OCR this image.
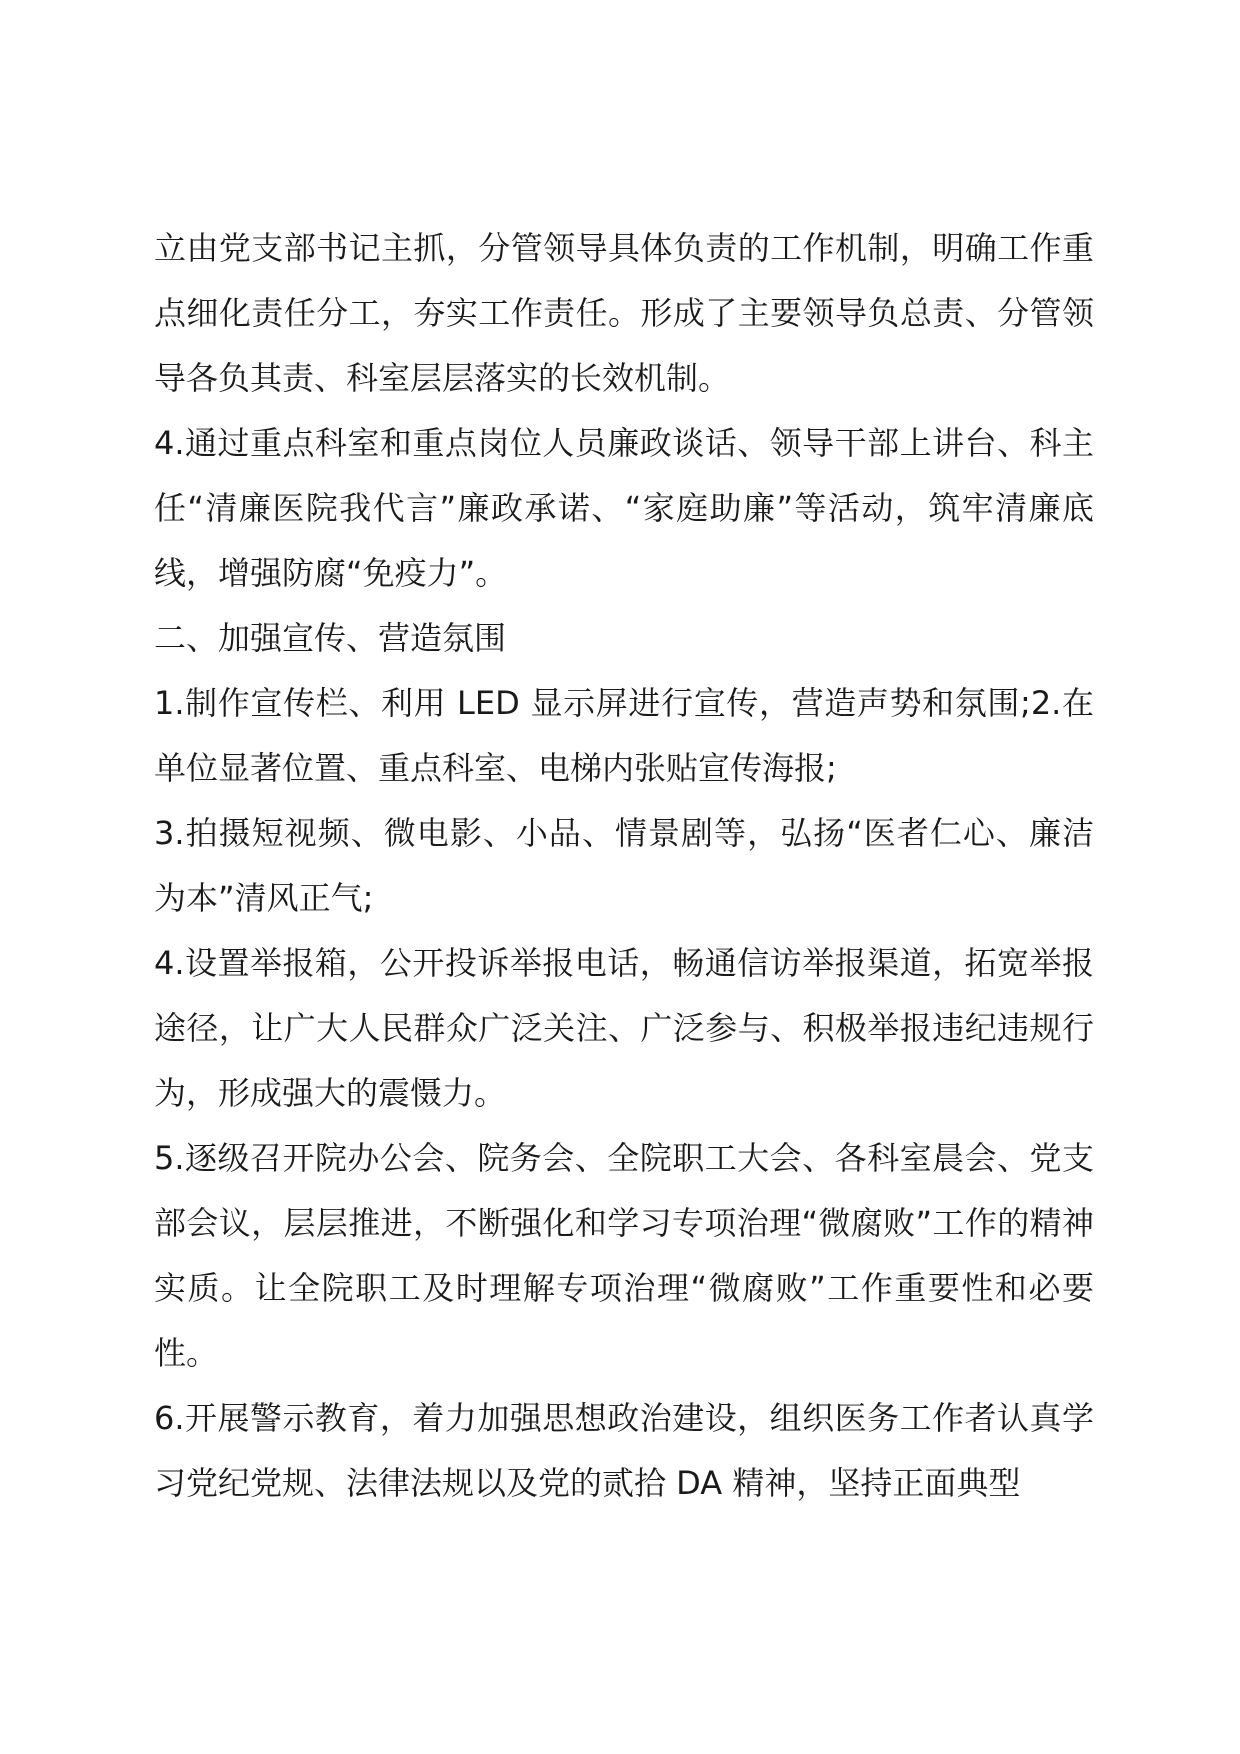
立由党支部书记主抓，分管领导具体负责的工作机制，明确工作重点细化责任分工，夯实工作责任。形成了主要领导负总责、分管领导各负其责、科室层层落实的长效机制。

4.通过重点科室和重点岗位人员廉政谈话、领导干部上讲台、科主任“清廉医院我代言”廉政承诺、“家庭助廉”等活动，筑牢清廉底线，增强防腐“免疫力”。

二、加强宣传、营造氛围

1.制作宣传栏、利用 LED 显示屏进行宣传，营造声势和氛围;2.在单位显著位置、重点科室、电梯内张贴宣传海报;

3.拍摄短视频、微电影、小品、情景剧等，弘扬“医者仁心、廉洁为本”清风正气;

4.设置举报箱，公开投诉举报电话，畅通信访举报渠道，拓宽举报途径，让广大人民群众广泛关注、广泛参与、积极举报违纪违规行为，形成强大的震慑力。

5.逐级召开院办公会、院务会、全院职工大会、各科室晨会、党支部会议，层层推进，不断强化和学习专项治理“微腐败”工作的精神实质。让全院职工及时理解专项治理“微腐败”工作重要性和必要性。

6.开展警示教育，着力加强思想政治建设，组织医务工作者认真学习党纪党规、法律法规以及党的贰拾 DA 精神，坚持正面典型
